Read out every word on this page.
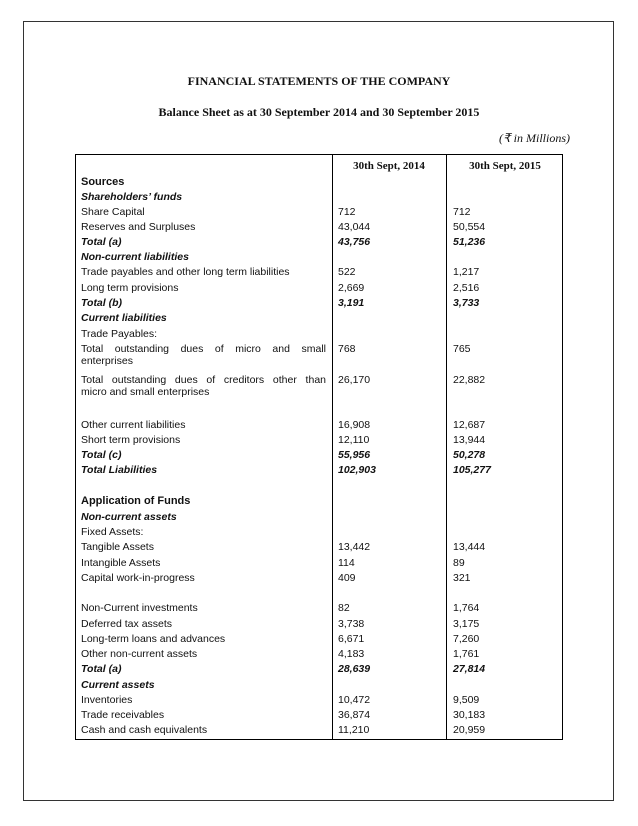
FINANCIAL STATEMENTS OF THE COMPANY
Balance Sheet as at 30 September 2014 and 30 September 2015
(₹ in Millions)
30th Sept, 2014	30th Sept, 2015
Sources
Shareholders’ funds
Share Capital	712	712
Reserves and Surpluses	43,044	50,554
Total (a)	43,756	51,236
Non-current liabilities
Trade payables and other long term liabilities	522	1,217
Long term provisions	2,669	2,516
Total (b)	3,191	3,733
Current liabilities
Trade Payables:
Total outstanding dues of micro and small
enterprises
768	765
Total outstanding dues of creditors other than
micro and small enterprises
26,170	22,882
Other current liabilities	16,908	12,687
Short term provisions	12,110	13,944
Total (c)	55,956	50,278
Total Liabilities	102,903	105,277
Application of Funds
Non-current assets
Fixed Assets:
Tangible Assets	13,442	13,444
Intangible Assets	114	89
Capital work-in-progress	409	321
Non-Current investments	82	1,764
Deferred tax assets	3,738	3,175
Long-term loans and advances	6,671	7,260
Other non-current assets	4,183	1,761
Total (a)	28,639	27,814
Current assets
Inventories	10,472	9,509
Trade receivables	36,874	30,183
Cash and cash equivalents	11,210	20,959
